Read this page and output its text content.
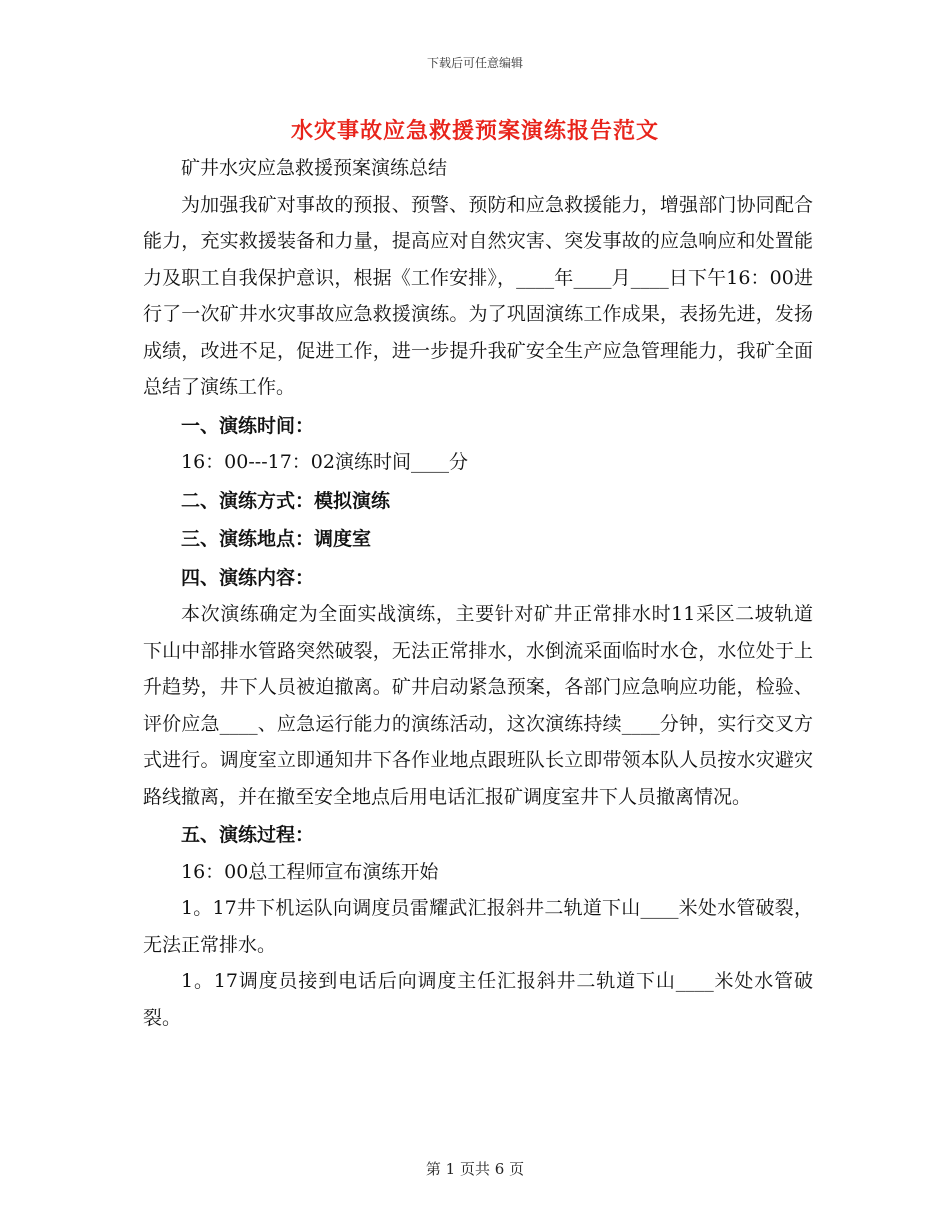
下载后可任意编辑
水灾事故应急救援预案演练报告范文

矿井水灾应急救援预案演练总结

为加强我矿对事故的预报、预警、预防和应急救援能力，增强部门协同配合能力，充实救援装备和力量，提高应对自然灾害、突发事故的应急响应和处置能力及职工自我保护意识，根据《工作安排》，____年____月____日下午16：00进行了一次矿井水灾事故应急救援演练。为了巩固演练工作成果，表扬先进，发扬成绩，改进不足，促进工作，进一步提升我矿安全生产应急管理能力，我矿全面总结了演练工作。

一、演练时间：

16：00---17：02演练时间____分

二、演练方式：模拟演练

三、演练地点：调度室

四、演练内容：

本次演练确定为全面实战演练，主要针对矿井正常排水时11采区二坡轨道下山中部排水管路突然破裂，无法正常排水，水倒流采面临时水仓，水位处于上升趋势，井下人员被迫撤离。矿井启动紧急预案，各部门应急响应功能，检验、评价应急____、应急运行能力的演练活动，这次演练持续____分钟，实行交叉方式进行。调度室立即通知井下各作业地点跟班队长立即带领本队人员按水灾避灾路线撤离，并在撤至安全地点后用电话汇报矿调度室井下人员撤离情况。

五、演练过程：

16：00总工程师宣布演练开始

1。17井下机运队向调度员雷耀武汇报斜井二轨道下山____米处水管破裂，无法正常排水。

1。17调度员接到电话后向调度主任汇报斜井二轨道下山____米处水管破裂。

第 1 页共 6 页
